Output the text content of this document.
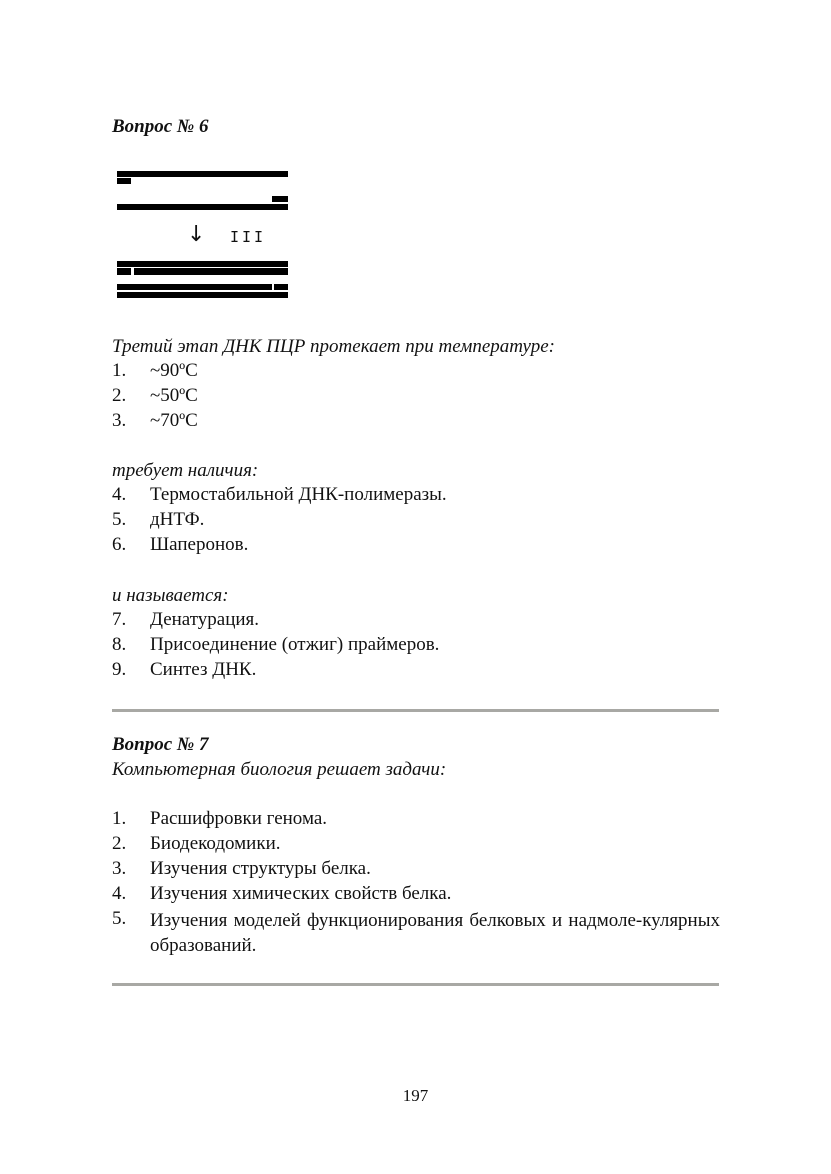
Вопрос № 6
↓ III
Третий этап ДНК ПЦР протекает при температуре:
1. ~90ºC
2. ~50ºC
3. ~70ºC
требует наличия:
4. Термостабильной ДНК-полимеразы.
5. дНТФ.
6. Шаперонов.
и называется:
7. Денатурация.
8. Присоединение (отжиг) праймеров.
9. Синтез ДНК.
Вопрос № 7
Компьютерная биология решает задачи:
1. Расшифровки генома.
2. Биодекодомики.
3. Изучения структуры белка.
4. Изучения химических свойств белка.
5. Изучения моделей функционирования белковых и надмоле-кулярных образований.
197
